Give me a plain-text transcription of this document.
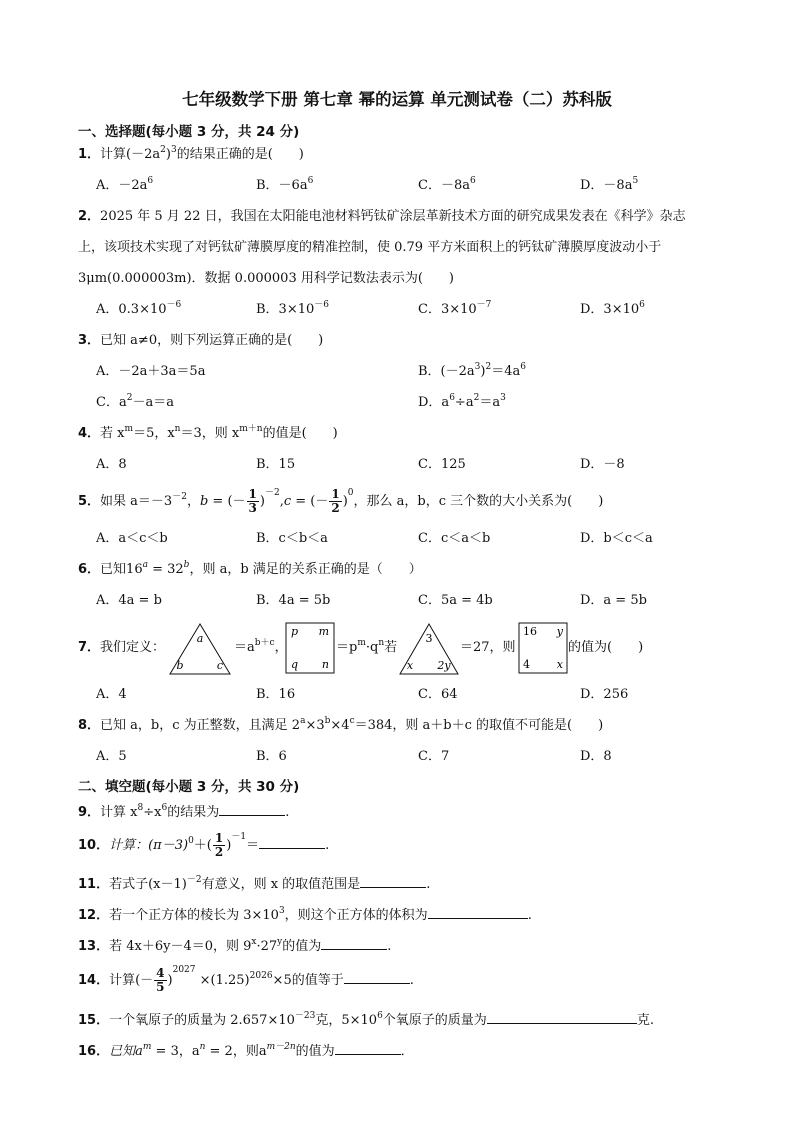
七年级数学下册 第七章 幂的运算 单元测试卷（二）苏科版
一、选择题(每小题 3 分，共 24 分)
1．计算$(-2a^2)^3$的结果正确的是(　　)
A．$-2a^6$	B．$-6a^6$	C．$-8a^6$	D．$-8a^5$
2．2025 年 5 月 22 日，我国在太阳能电池材料钙钛矿涂层革新技术方面的研究成果发表在《科学》杂志
上，该项技术实现了对钙钛矿薄膜厚度的精准控制，使 0.79 平方米面积上的钙钛矿薄膜厚度波动小于
3μm(0.000003m)．数据 0.000003 用科学记数法表示为(　　)
A．$0.3\times 10^{-6}$	B．$3\times 10^{-6}$	C．$3\times 10^{-7}$	D．$3\times 10^6$
3．已知 a≠0，则下列运算正确的是(　　)
A．－2a＋3a＝5a	B．$(-2a^3)^2=4a^6$
C．$a^2-a=a$	D．$a^6\div a^2=a^3$
4．若 $x^m=5$，$x^n=3$，则 $x^{m+n}$的值是(　　)
A．8	B．15	C．125	D．－8
5．如果 $a=-3^{-2}$，b = (－ $\frac{1}{3} )^{-2},c$ = (－ $\frac{1}{2} )^0$，那么 a，b，c 三个数的大小关系为(　　)
A．a＜c＜b	B．c＜b＜a	C．c＜a＜b	D．b＜c＜a
6．已知$16^a = 32^b$，则 a，b 满足的关系正确的是（　　）
A．4a = b	B．4a = 5b	C．5a = 4b	D．a = 5b
7．我们定义：
a
b	c
$=a^{b+c}$，
p m
q n
$=p^m\cdot q^n$若
3
x 2y
＝27，则
16 y
4 x
的值为(　　)
A．4	B．16	C．64	D．256
8．已知 a，b，c 为正整数，且满足 $2^a\times 3^b\times 4^c=384$，则 a＋b＋c 的取值不可能是(　　)
A．5	B．6	C．7	D．8
二、填空题(每小题 3 分，共 30 分)
9．计算 $x^8\div x^6$的结果为	.
10．计算：$(\pi-3)^0+( \frac{1}{2} )^{-1}=$	.
11．若式子$(x-1)^{-2}$有意义，则 x 的取值范围是	.
12．若一个正方体的棱长为 $3\times 10^3$，则这个正方体的体积为	.
13．若 4x＋6y－4＝0，则 $9^x\cdot 27^y$的值为	.
14．计算(－ $\frac{4}{5} )^{2027} \times(1.25)^{2026}\times 5$的值等于	.
15．一个氧原子的质量为 $2.657\times 10^{-23}$克，$5\times 10^6$个氧原子的质量为	克.
16．已知$a^m = 3$，$a^n = 2$，则$a^{m-2n}$的值为	．
